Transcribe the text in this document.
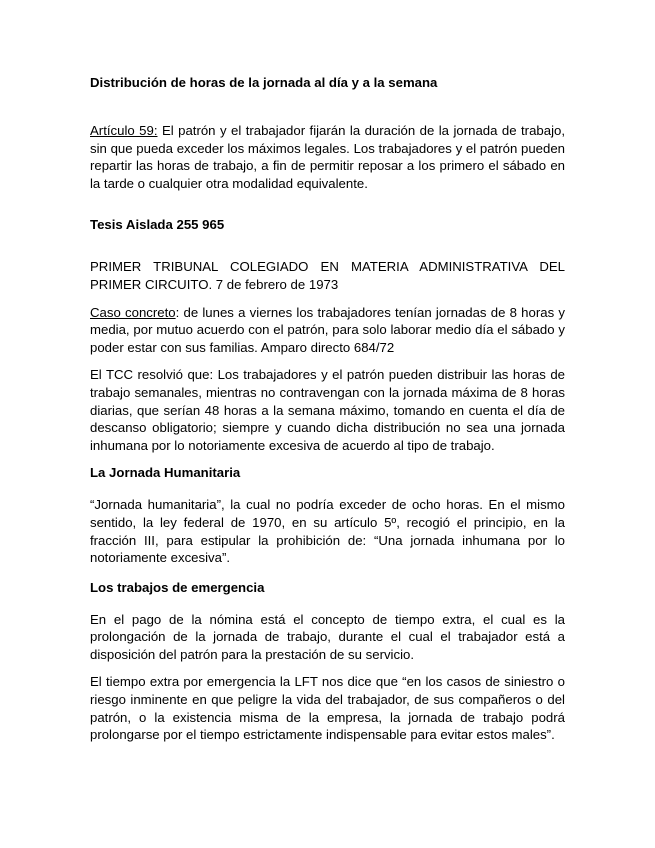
Distribución de horas de la jornada al día y a la semana

Artículo 59: El patrón y el trabajador fijarán la duración de la jornada de trabajo, sin que pueda exceder los máximos legales. Los trabajadores y el patrón pueden repartir las horas de trabajo, a fin de permitir reposar a los primero el sábado en la tarde o cualquier otra modalidad equivalente.

Tesis Aislada 255 965

PRIMER TRIBUNAL COLEGIADO EN MATERIA ADMINISTRATIVA DEL PRIMER CIRCUITO. 7 de febrero de 1973

Caso concreto: de lunes a viernes los trabajadores tenían jornadas de 8 horas y media, por mutuo acuerdo con el patrón, para solo laborar medio día el sábado y poder estar con sus familias. Amparo directo 684/72

El TCC resolvió que: Los trabajadores y el patrón pueden distribuir las horas de trabajo semanales, mientras no contravengan con la jornada máxima de 8 horas diarias, que serían 48 horas a la semana máximo, tomando en cuenta el día de descanso obligatorio; siempre y cuando dicha distribución no sea una jornada inhumana por lo notoriamente excesiva de acuerdo al tipo de trabajo.

La Jornada Humanitaria

“Jornada humanitaria”, la cual no podría exceder de ocho horas. En el mismo sentido, la ley federal de 1970, en su artículo 5º, recogió el principio, en la fracción III, para estipular la prohibición de: “Una jornada inhumana por lo notoriamente excesiva”.

Los trabajos de emergencia

En el pago de la nómina está el concepto de tiempo extra, el cual es la prolongación de la jornada de trabajo, durante el cual el trabajador está a disposición del patrón para la prestación de su servicio.

El tiempo extra por emergencia la LFT nos dice que “en los casos de siniestro o riesgo inminente en que peligre la vida del trabajador, de sus compañeros o del patrón, o la existencia misma de la empresa, la jornada de trabajo podrá prolongarse por el tiempo estrictamente indispensable para evitar estos males”.
